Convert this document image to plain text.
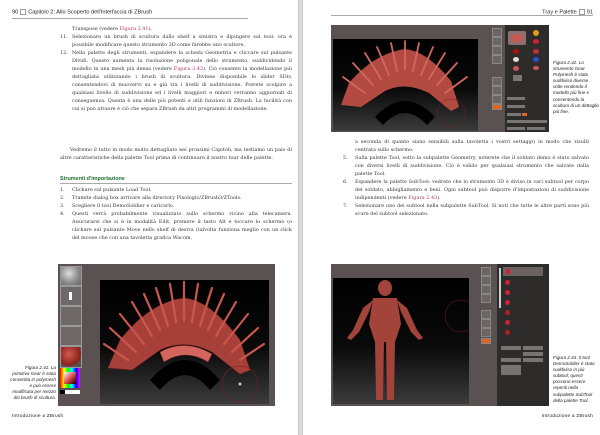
90 Capitolo 2: Allo Scoperto dell'Interfaccia di ZBrush

Transpose (vedere Figura 2.41).

11. Selezionare un brush di scultura dallo shelf a sinistra e dipingere sul tool: ora è possibile modificare questo strumento 3D come farebbe uno scultore.
12. Nella palette degli strumenti, espandere la scheda Geometria e cliccare sul pulsante Dividi. Questo aumenta la risoluzione poligonale dello strumento, suddividendo il modello in una mesh più densa (vedere Figura 2.42). Ciò consente la modellazione più dettagliata utilizzando i brush di scultura. Diviene disponibile lo slider SDiv, consentendovi di muovervi su e giù tra i livelli di suddivisione. Potrete scolpire a qualsiasi livello di suddivisione ed i livelli maggiori e minori verranno aggiornati di conseguenza. Questa è una delle più potenti e utili funzioni di ZBrush. La facilità con cui si può attuare è ciò che separa ZBrush da altri programmi di modellazione.

Vedremo il tutto in modo molto dettagliato nei prossimi Capitoli, ma testiamo un paio di altre caratteristiche della palette Tool prima di continuare il nostro tour delle palette.

Strumenti d'importazione
1. Clickare sul pulsante Load Tool.
2. Tramite dialog box arrivare alla directory Pixologic/ZBrush3/ZTools.
3. Scegliere il tool DemoSoldier e caricarlo.
4. Questi verrà probabilmente visualizzato sullo schermo vicino alla telecamera. Assicurarsi che si è in modalità Edit, premere il tasto Alt e toccare lo schermo (o clickare sul pulsante Move nello shelf di destra (talvolta funziona meglio con un click del mouse che con una tavoletta grafica Wacom,
Figura 2.41. La primitiva Gear è stata convertita in polymesh e può essere modificata per mezzo dei brush di scultura.
Introduzione a ZBrush
Tray e Palette 91
Figura 2.42. Lo strumento Gear Polymesh è stato suddiviso diverse volte rendendo il modello più fine e consentendo la scultura di un dettaglio più fine.

a seconda di quanto siano sensibili sulla tavoletta i vostri settaggi) in modo che risulti centrata sullo schermo.

5. Sulla palette Tool, sotto la subpalette Geometry, noterete che il soldato demo è stato salvato con diversi livelli di suddivisione. Ciò è valido per qualsiasi strumento che salvate dalla palette Tool.
6. Espandere la palette SubTool: vedrete che lo strumento 3D è diviso in vari subtool per corpo del soldato, abbigliamento e beni. Ogni subtool può disporre d'impostazioni di suddivisione indipendenti (vedere Figura 2.43).
7. Selezionare uno dei subtool nella subpalette SubTool. Si noti che tutte le altre parti sono più scure del subtool selezionato.
Figura 2.43. Il tool DemoSoldier è stato suddiviso in più subtool; questi possono essere reperiti nella subpalette SubTool della palette Tool.
Introduzione a ZBrush
